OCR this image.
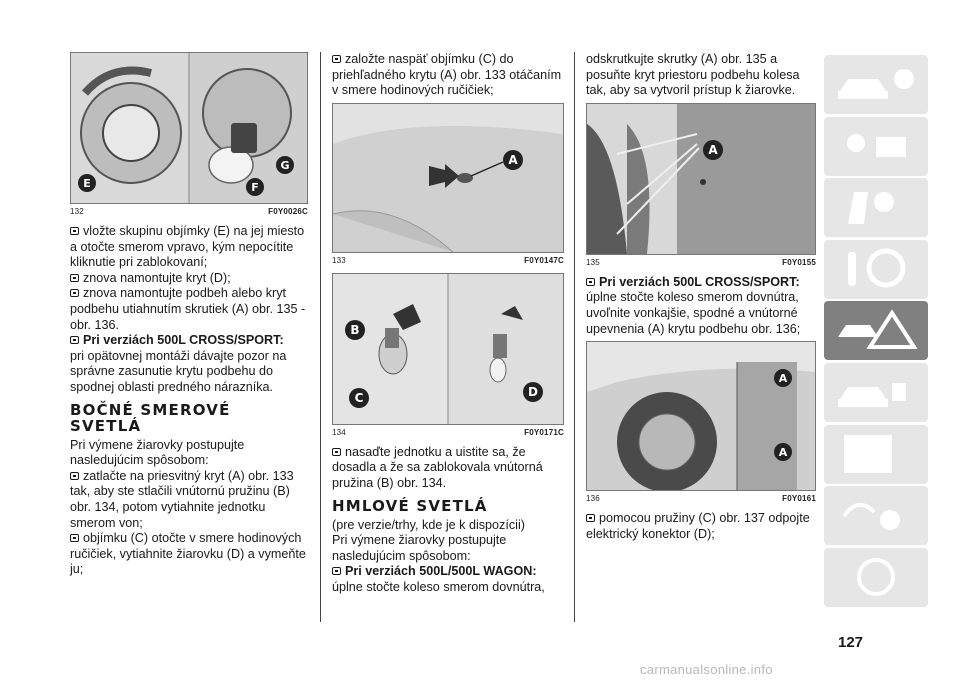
E	F
G
132	F0Y0026C

vložte skupinu objímky (E) na jej miesto a otočte smerom vpravo, kým nepocítite kliknutie pri zablokovaní;

znova namontujte kryt (D);

znova namontujte podbeh alebo kryt podbehu utiahnutím skrutiek (A) obr. 135 - obr. 136.

Pri verziách 500L CROSS/SPORT:

pri opätovnej montáži dávajte pozor na správne zasunutie krytu podbehu do spodnej oblasti predného nárazníka.

BOČNÉ SMEROVÉ SVETLÁ

Pri výmene žiarovky postupujte nasledujúcim spôsobom:

zatlačte na priesvitný kryt (A) obr. 133 tak, aby ste stlačili vnútornú pružinu (B) obr. 134, potom vytiahnite jednotku smerom von;

objímku (C) otočte v smere hodinových ručičiek, vytiahnite žiarovku (D) a vymeňte ju;

založte naspäť objímku (C) do priehľadného krytu (A) obr. 133 otáčaním v smere hodinových ručičiek;

A
133	F0Y0147C
B
C	D
134	F0Y0171C

nasaďte jednotku a uistite sa, že dosadla a že sa zablokovala vnútorná pružina (B) obr. 134.

HMLOVÉ SVETLÁ

(pre verzie/trhy, kde je k dispozícii)

Pri výmene žiarovky postupujte nasledujúcim spôsobom:

Pri verziách 500L/500L WAGON:

úplne stočte koleso smerom dovnútra,

odskrutkujte skrutky (A) obr. 135 a posuňte kryt priestoru podbehu kolesa tak, aby sa vytvoril prístup k žiarovke.

A
135	F0Y0155

Pri verziách 500L CROSS/SPORT:

úplne stočte koleso smerom dovnútra, uvoľnite vonkajšie, spodné a vnútorné upevnenia (A) krytu podbehu obr. 136;

A
A
136	F0Y0161

pomocou pružiny (C) obr. 137 odpojte elektrický konektor (D);

127
carmanualsonline.info
